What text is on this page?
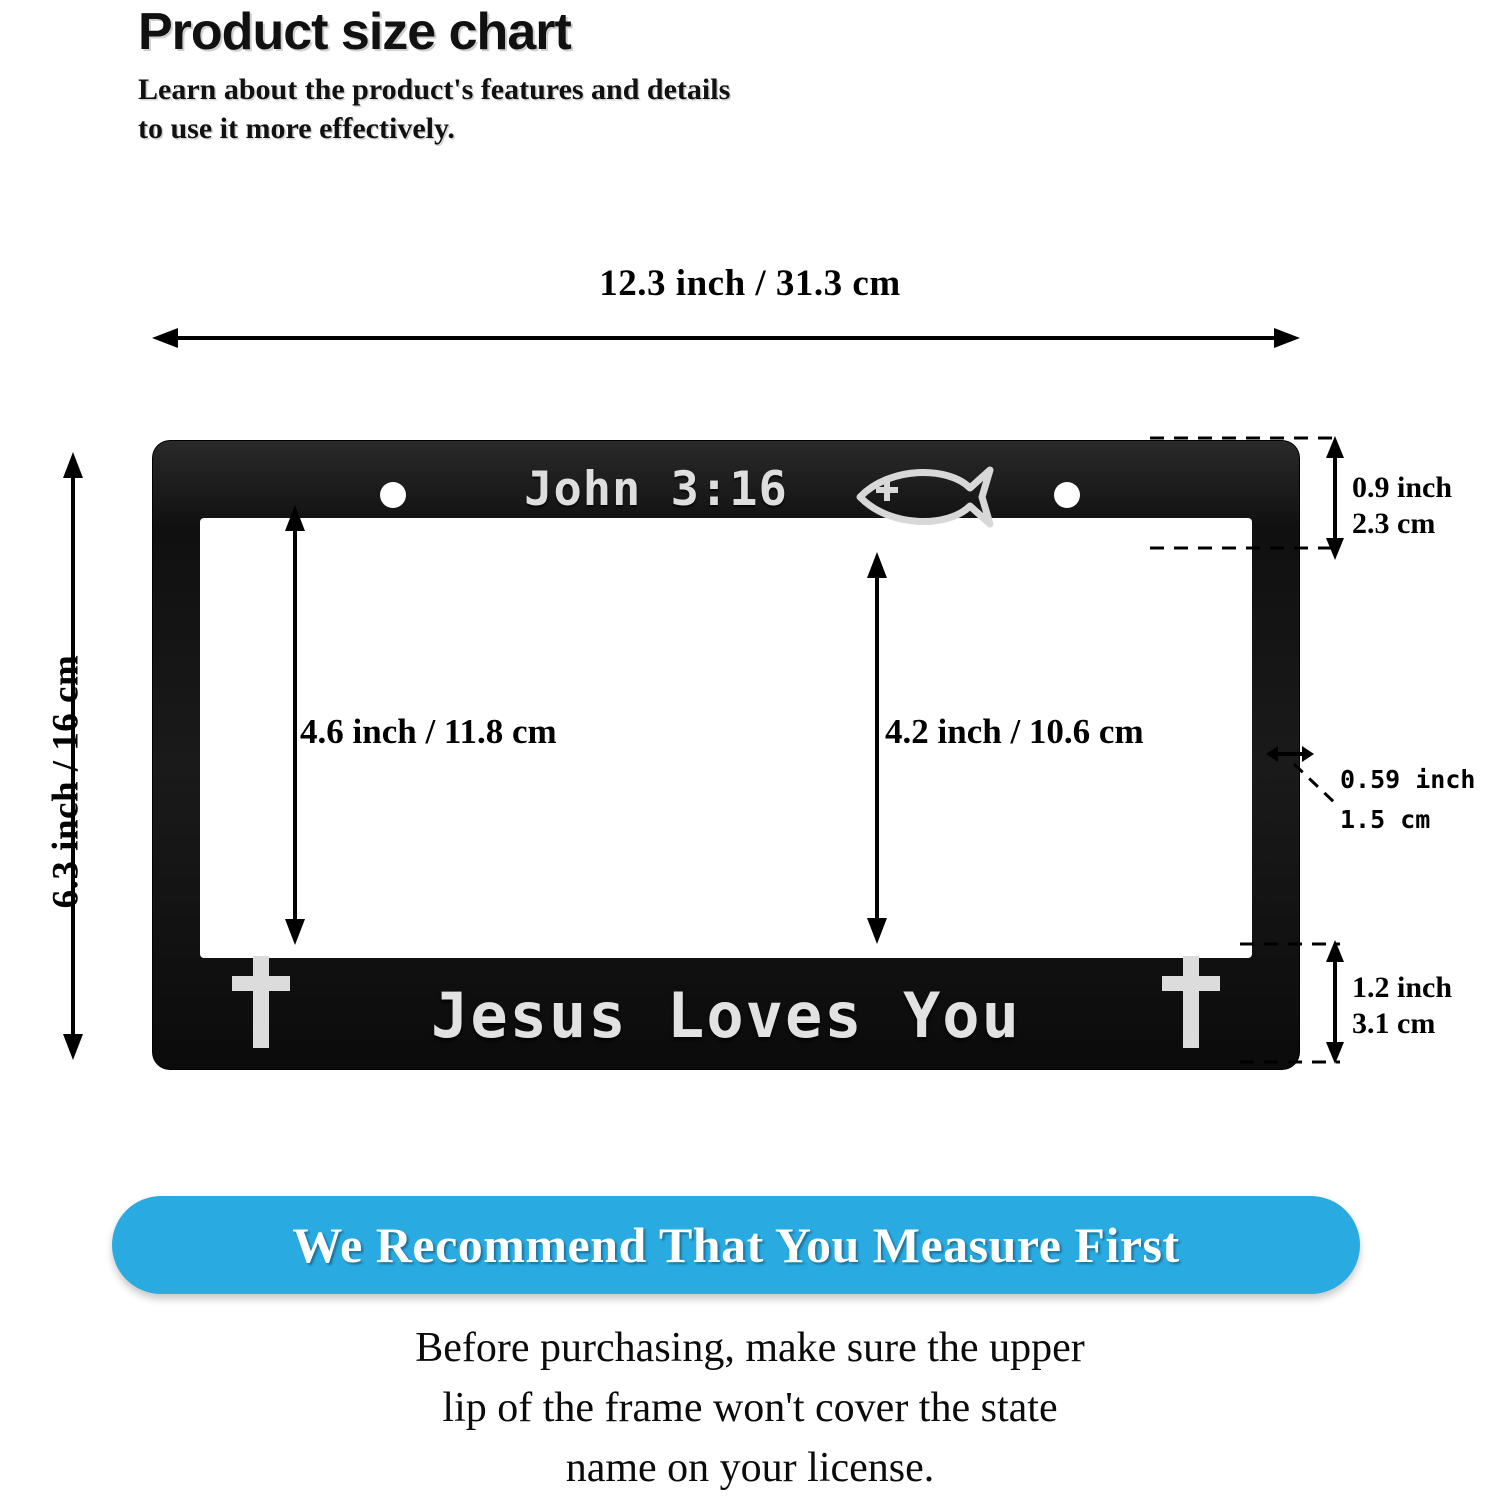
Product size chart
Learn about the product's features and details
to use it more effectively.
12.3 inch / 31.3 cm
6.3 inch / 16 cm
John 3:16
Jesus Loves You
4.6 inch / 11.8 cm	4.2 inch / 10.6 cm
0.9 inch
2.3 cm
0.59 inch
1.5 cm
1.2 inch
3.1 cm
We Recommend That You Measure First
Before purchasing, make sure the upper
lip of the frame won't cover the state
name on your license.
